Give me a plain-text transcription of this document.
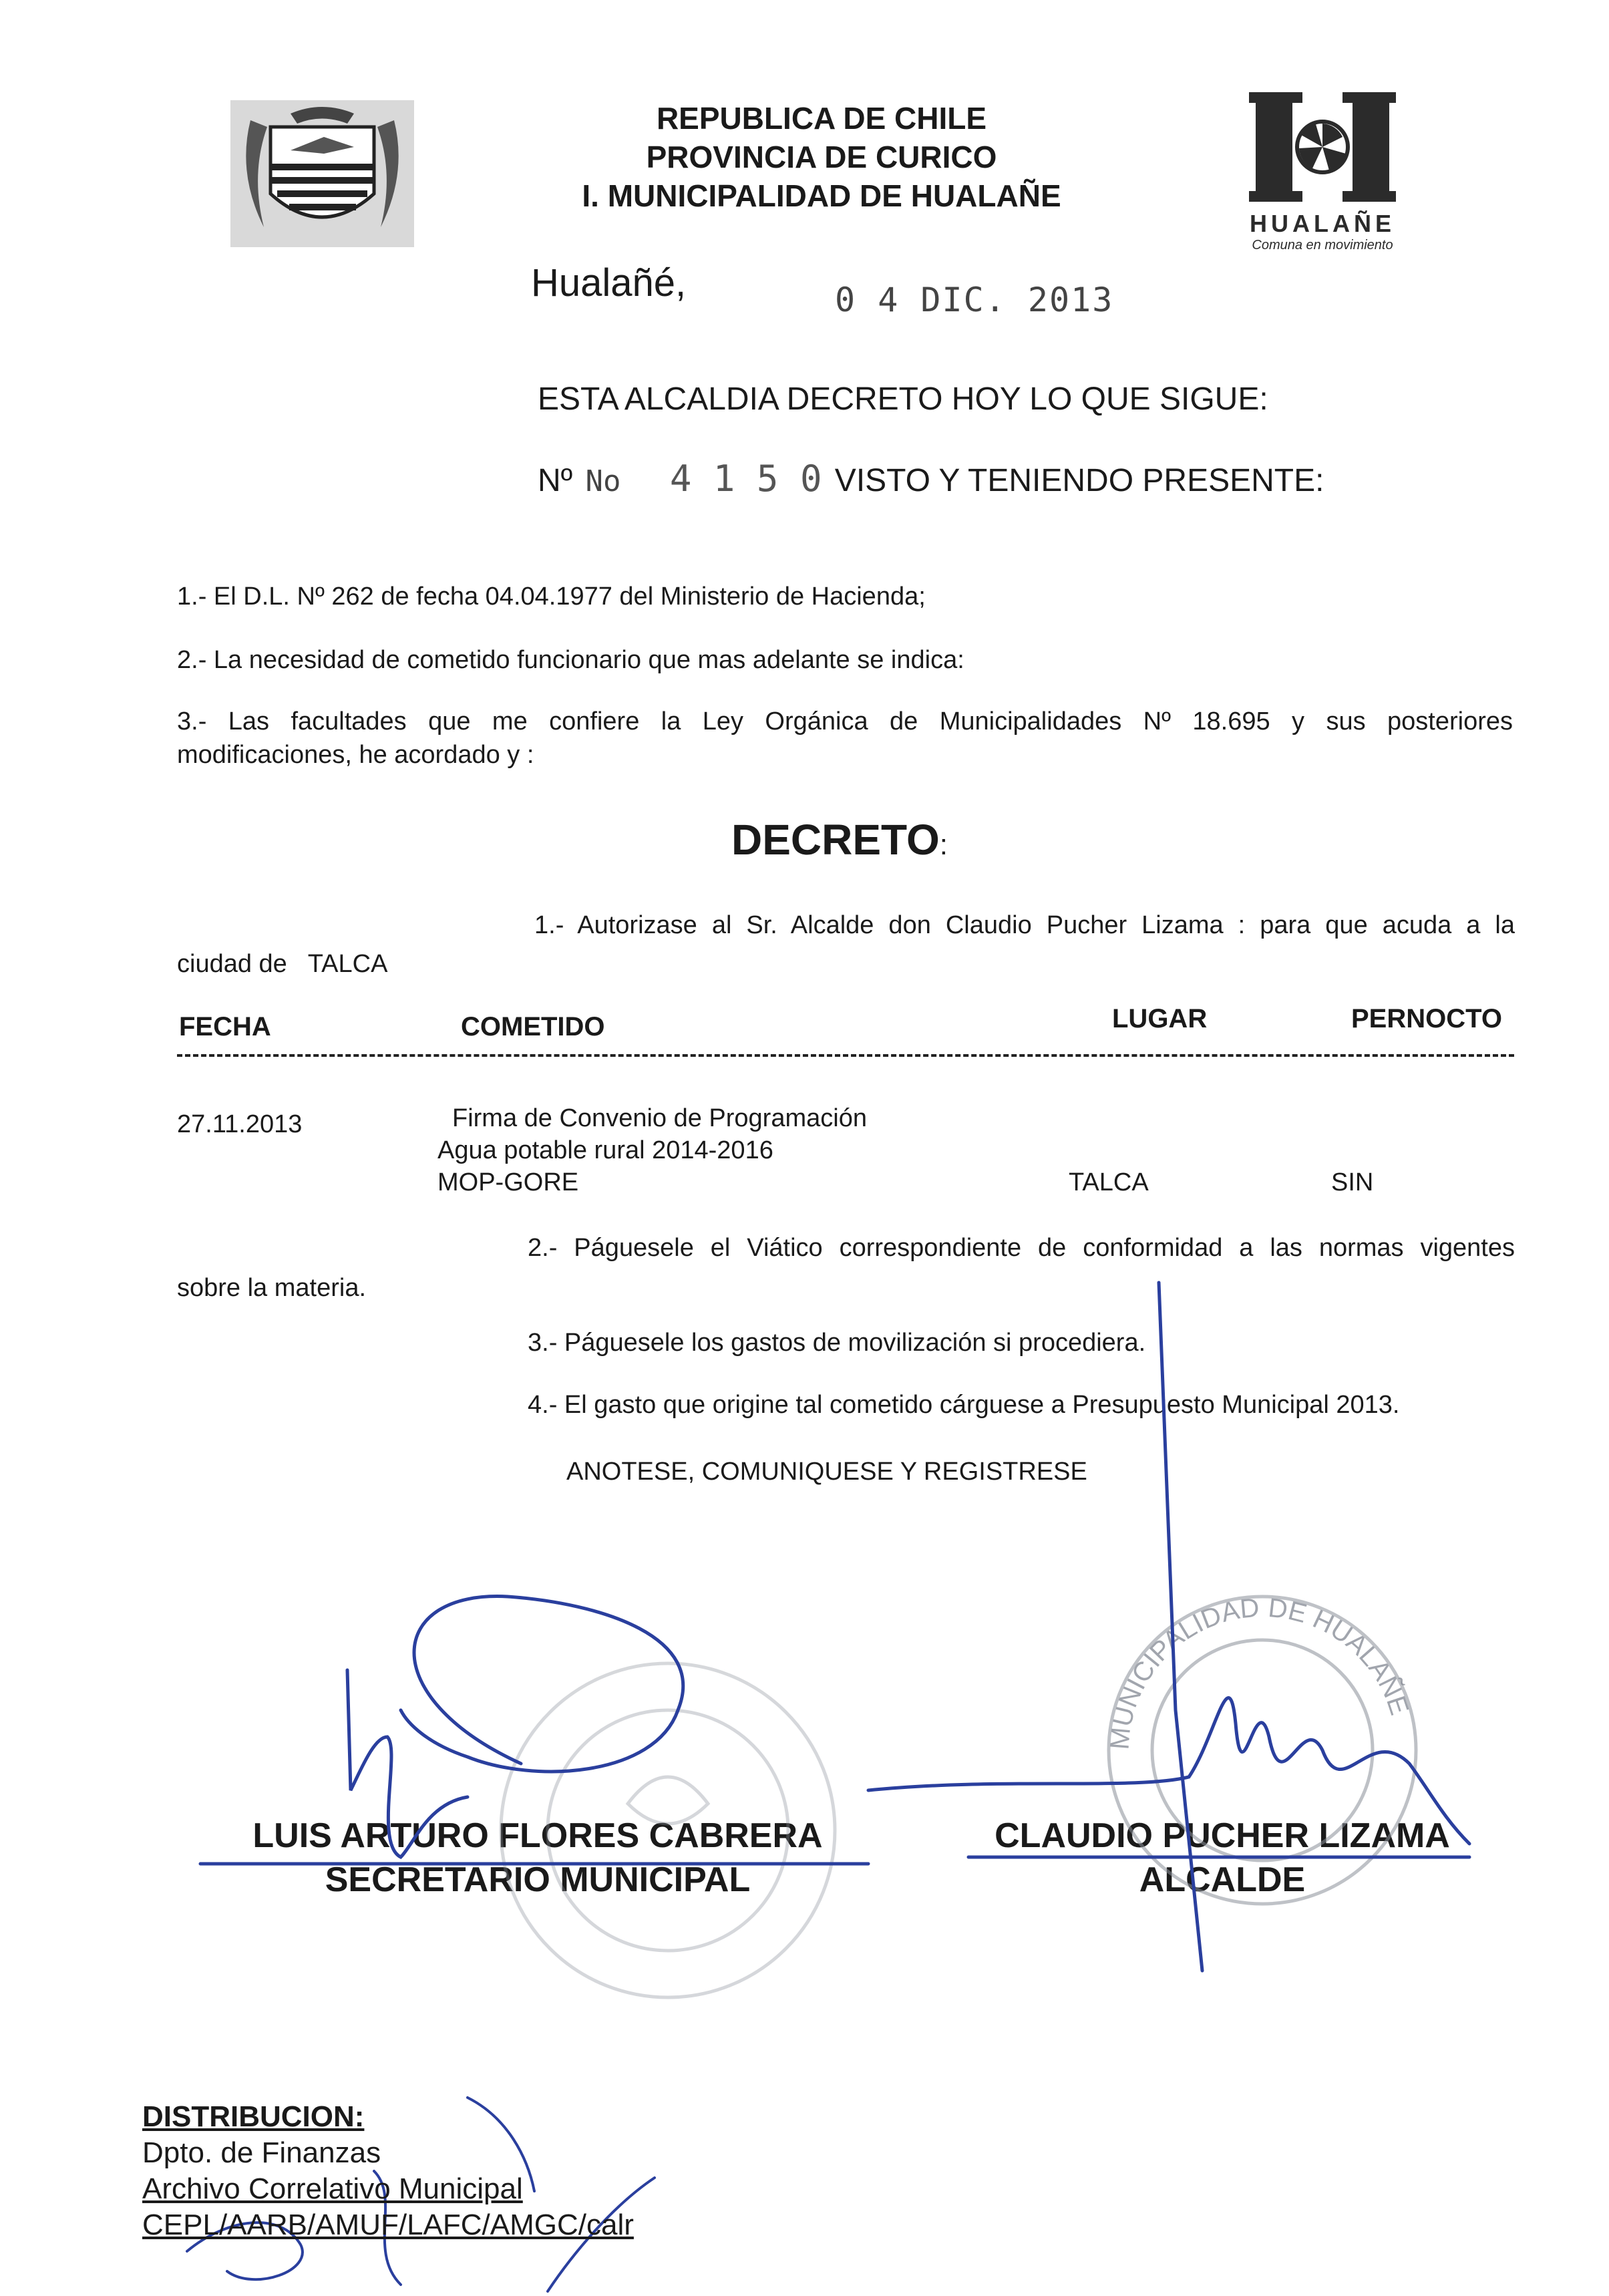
REPUBLICA DE CHILE
PROVINCIA DE CURICO
I. MUNICIPALIDAD DE HUALAÑE
HUALAÑE
Comuna en movimiento
Hualañé,	0 4 DIC. 2013
ESTA ALCALDIA DECRETO HOY LO QUE SIGUE:
Nº No 4 1 5 0 VISTO Y TENIENDO PRESENTE:
1.- El D.L. Nº 262 de fecha 04.04.1977 del Ministerio de Hacienda;
2.- La necesidad de cometido funcionario que mas adelante se indica:
3.- Las facultades que me confiere la Ley Orgánica de Municipalidades Nº 18.695 y sus posteriores
modificaciones, he acordado y :
DECRETO:
1.- Autorizase al Sr. Alcalde don Claudio Pucher Lizama : para que acuda a la
ciudad de   TALCA
FECHA	COMETIDO	LUGAR	PERNOCTO
27.11.2013	Firma de Convenio de Programación
Agua potable rural 2014-2016
MOP-GORE	TALCA	SIN
2.- Páguesele el Viático correspondiente de conformidad a las normas vigentes
sobre la materia.
3.- Páguesele los gastos de movilización si procediera.
4.- El gasto que origine tal cometido cárguese a Presupuesto Municipal 2013.
ANOTESE, COMUNIQUESE Y REGISTRESE
LUIS ARTURO FLORES CABRERA
SECRETARIO MUNICIPAL
CLAUDIO PUCHER LIZAMA
ALCALDE
MUNICIPALIDAD DE HUALAÑE
DISTRIBUCION:
Dpto. de Finanzas
Archivo Correlativo Municipal
CEPL/AARB/AMUF/LAFC/AMGC/calr
